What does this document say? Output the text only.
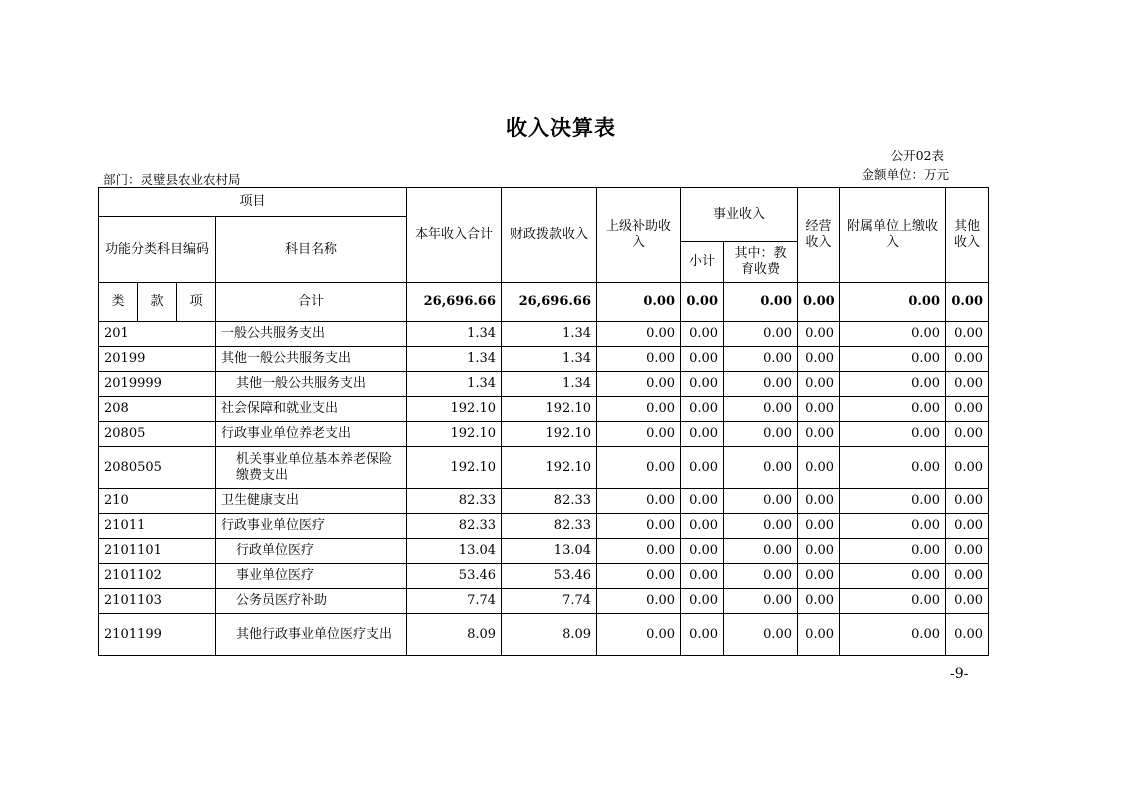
收入决算表
公开02表
部门：灵璧县农业农村局	金额单位：万元
项目				本年收入合计	财政拨款收入	上级补助收入	事业收入		经营收入	附属单位上缴收入	其他收入
功能分类科目编码			科目名称								
							小计	其中：教育收费			
类	款	项	合计	26,696.66	26,696.66	0.00	0.00	0.00	0.00	0.00	0.00
201			一般公共服务支出	1.34	1.34	0.00	0.00	0.00	0.00	0.00	0.00
20199			其他一般公共服务支出	1.34	1.34	0.00	0.00	0.00	0.00	0.00	0.00
2019999			其他一般公共服务支出	1.34	1.34	0.00	0.00	0.00	0.00	0.00	0.00
208			社会保障和就业支出	192.10	192.10	0.00	0.00	0.00	0.00	0.00	0.00
20805			行政事业单位养老支出	192.10	192.10	0.00	0.00	0.00	0.00	0.00	0.00
2080505			机关事业单位基本养老保险缴费支出	192.10	192.10	0.00	0.00	0.00	0.00	0.00	0.00
210			卫生健康支出	82.33	82.33	0.00	0.00	0.00	0.00	0.00	0.00
21011			行政事业单位医疗	82.33	82.33	0.00	0.00	0.00	0.00	0.00	0.00
2101101			行政单位医疗	13.04	13.04	0.00	0.00	0.00	0.00	0.00	0.00
2101102			事业单位医疗	53.46	53.46	0.00	0.00	0.00	0.00	0.00	0.00
2101103			公务员医疗补助	7.74	7.74	0.00	0.00	0.00	0.00	0.00	0.00
2101199			其他行政事业单位医疗支出	8.09	8.09	0.00	0.00	0.00	0.00	0.00	0.00
-9-
